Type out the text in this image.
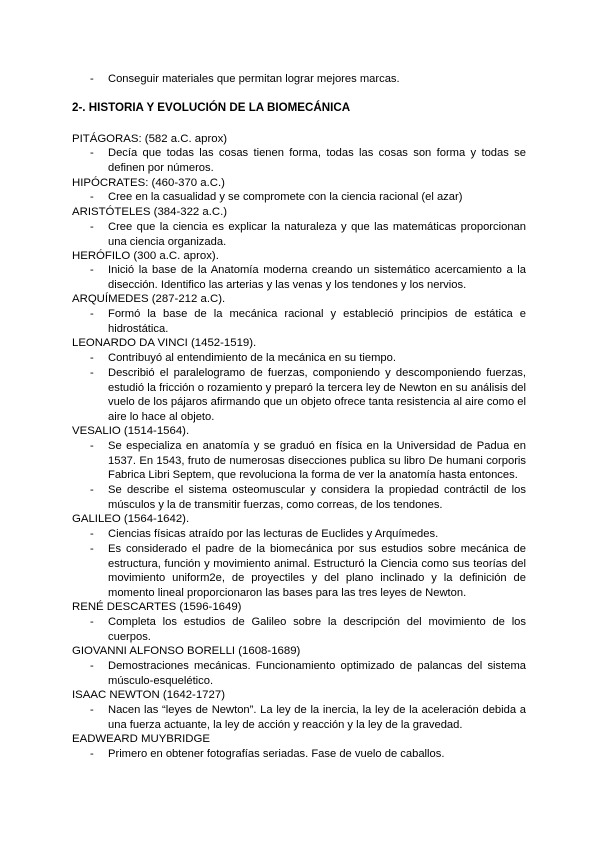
- Conseguir materiales que permitan lograr mejores marcas.
2-. HISTORIA Y EVOLUCIÓN DE LA BIOMECÁNICA
PITÁGORAS: (582 a.C. aprox)
- Decía que todas las cosas tienen forma, todas las cosas son forma y todas se definen por números.
HIPÓCRATES: (460-370 a.C.)
- Cree en la casualidad y se compromete con la ciencia racional (el azar)
ARISTÓTELES (384-322 a.C.)
- Cree que la ciencia es explicar la naturaleza y que las matemáticas proporcionan una ciencia organizada.
HERÓFILO (300 a.C. aprox).
- Inició la base de la Anatomía moderna creando un sistemático acercamiento a la disección. Identifico las arterias y las venas y los tendones y los nervios.
ARQUÍMEDES (287-212 a.C).
- Formó la base de la mecánica racional y estableció principios de estática e hidrostática.
LEONARDO DA VINCI (1452-1519).
- Contribuyó al entendimiento de la mecánica en su tiempo.
- Describió el paralelogramo de fuerzas, componiendo y descomponiendo fuerzas, estudió la fricción o rozamiento y preparó la tercera ley de Newton en su análisis del vuelo de los pájaros afirmando que un objeto ofrece tanta resistencia al aire como el aire lo hace al objeto.
VESALIO (1514-1564).
- Se especializa en anatomía y se graduó en física en la Universidad de Padua en 1537. En 1543, fruto de numerosas disecciones publica su libro De humani corporis Fabrica Libri Septem, que revoluciona la forma de ver la anatomía hasta entonces.
- Se describe el sistema osteomuscular y considera la propiedad contráctil de los músculos y la de transmitir fuerzas, como correas, de los tendones.
GALILEO (1564-1642).
- Ciencias físicas atraído por las lecturas de Euclides y Arquímedes.
- Es considerado el padre de la biomecánica por sus estudios sobre mecánica de estructura, función y movimiento animal. Estructuró la Ciencia como sus teorías del movimiento uniform2e, de proyectiles y del plano inclinado y la definición de momento lineal proporcionaron las bases para las tres leyes de Newton.
RENÉ DESCARTES (1596-1649)
- Completa los estudios de Galileo sobre la descripción del movimiento de los cuerpos.
GIOVANNI ALFONSO BORELLI (1608-1689)
- Demostraciones mecánicas. Funcionamiento optimizado de palancas del sistema músculo-esquelético.
ISAAC NEWTON (1642-1727)
- Nacen las “leyes de Newton”. La ley de la inercia, la ley de la aceleración debida a una fuerza actuante, la ley de acción y reacción y la ley de la gravedad.
EADWEARD MUYBRIDGE
- Primero en obtener fotografías seriadas. Fase de vuelo de caballos.
